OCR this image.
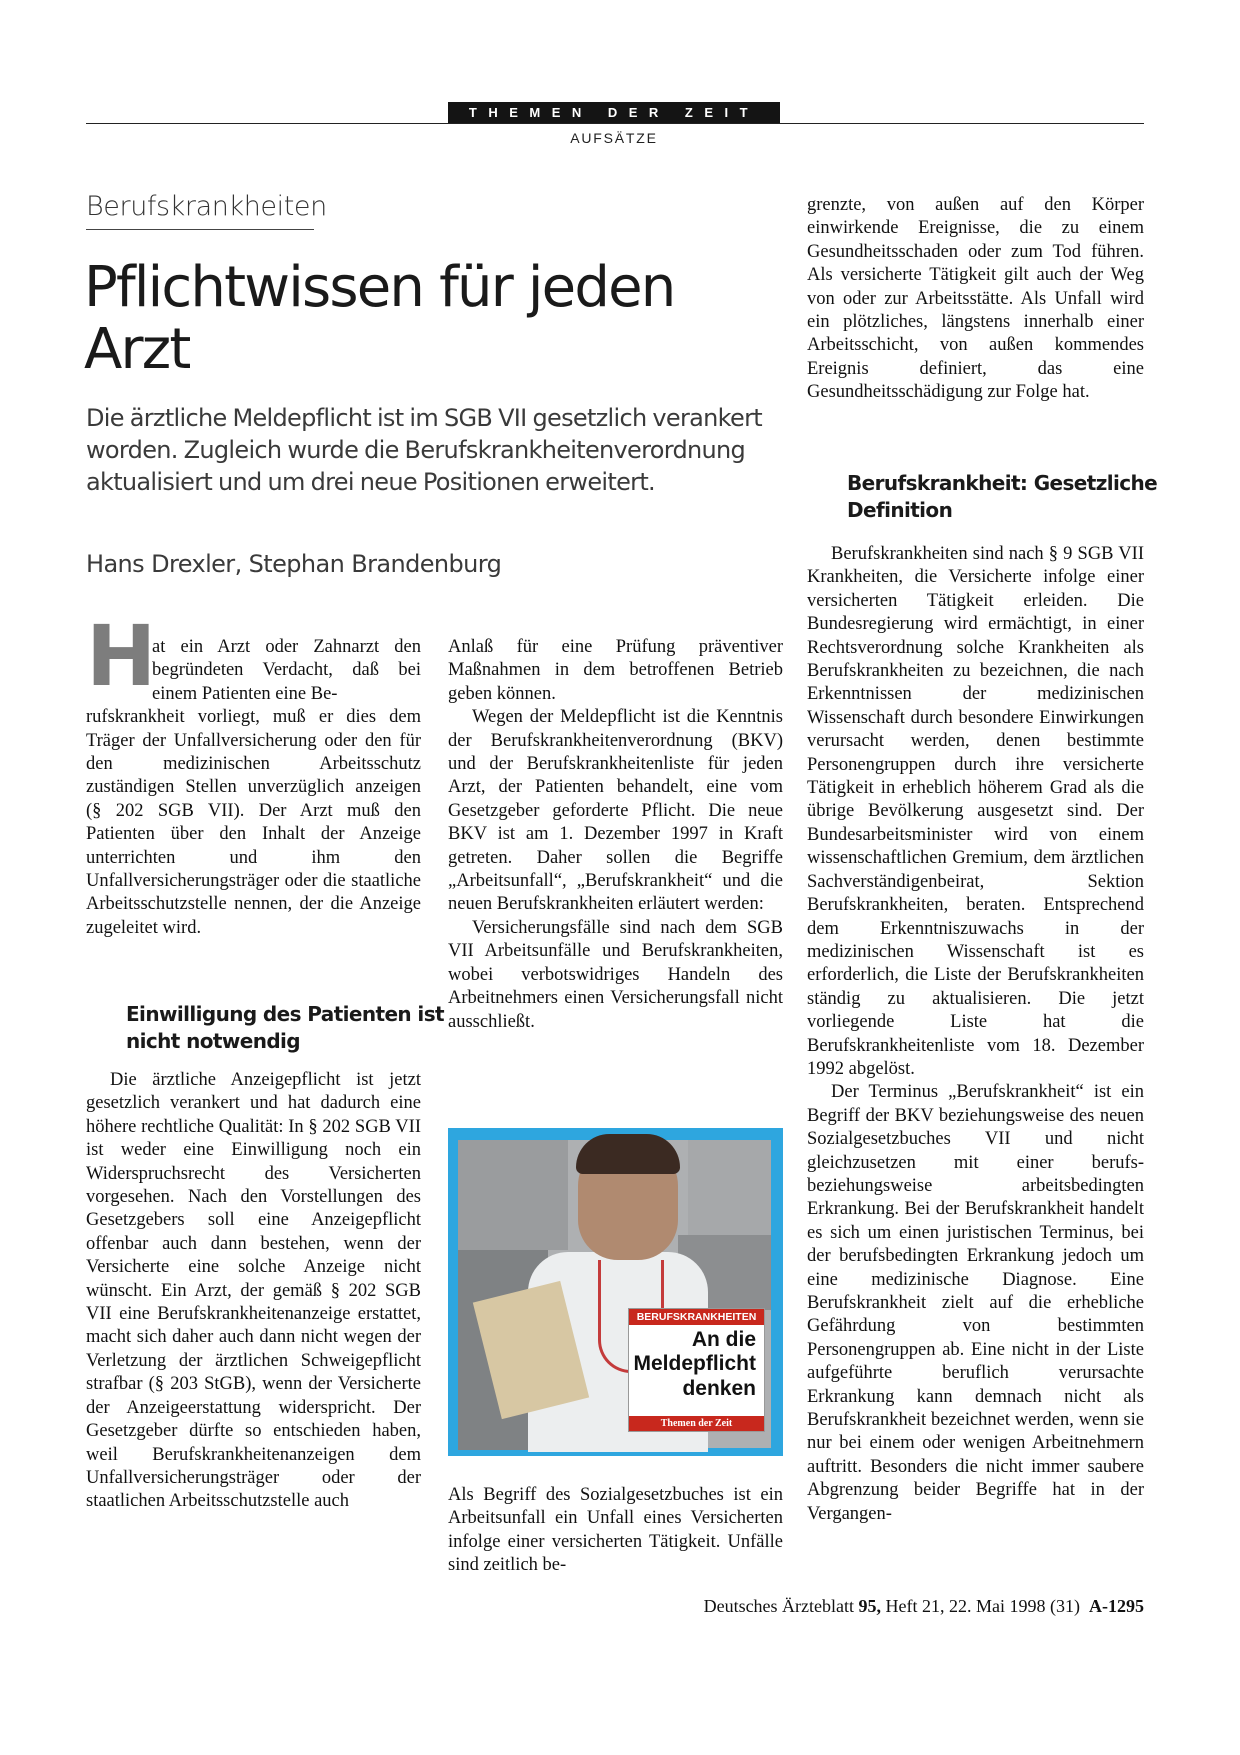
THEMEN DER ZEIT
AUFSÄTZE
Berufskrankheiten
Pflichtwissen für jeden Arzt

Die ärztliche Meldepflicht ist im SGB VII gesetzlich verankert worden. Zugleich wurde die Berufskrankheitenverordnung aktualisiert und um drei neue Positionen erweitert.

Hans Drexler, Stephan Brandenburg
H

at ein Arzt oder Zahnarzt den begründeten Verdacht, daß bei einem Patienten eine Be-

rufskrankheit vorliegt, muß er dies dem Träger der Unfallversicherung oder den für den medizinischen Arbeitsschutz zuständigen Stellen unverzüglich anzeigen (§ 202 SGB VII). Der Arzt muß den Patienten über den Inhalt der Anzeige unterrichten und ihm den Unfallversicherungsträger oder die staatliche Arbeitsschutzstelle nennen, der die Anzeige zugeleitet wird.

Einwilligung des Patienten ist nicht notwendig

Die ärztliche Anzeigepflicht ist jetzt gesetzlich verankert und hat dadurch eine höhere rechtliche Qualität: In § 202 SGB VII ist weder eine Einwilligung noch ein Widerspruchsrecht des Versicherten vorgesehen. Nach den Vorstellungen des Gesetzgebers soll eine Anzeigepflicht offenbar auch dann bestehen, wenn der Versicherte eine solche Anzeige nicht wünscht. Ein Arzt, der gemäß § 202 SGB VII eine Berufskrankheitenanzeige erstattet, macht sich daher auch dann nicht wegen der Verletzung der ärztlichen Schweigepflicht strafbar (§ 203 StGB), wenn der Versicherte der Anzeigeerstattung widerspricht. Der Gesetzgeber dürfte so entschieden haben, weil Berufskrankheitenanzeigen dem Unfallversicherungsträger oder der staatlichen Arbeitsschutzstelle auch

Anlaß für eine Prüfung präventiver Maßnahmen in dem betroffenen Betrieb geben können.

Wegen der Meldepflicht ist die Kenntnis der Berufskrankheitenverordnung (BKV) und der Berufskrankheitenliste für jeden Arzt, der Patienten behandelt, eine vom Gesetzgeber geforderte Pflicht. Die neue BKV ist am 1. Dezember 1997 in Kraft getreten. Daher sollen die Begriffe „Arbeitsunfall“, „Berufskrankheit“ und die neuen Berufskrankheiten erläutert werden:

Versicherungsfälle sind nach dem SGB VII Arbeitsunfälle und Berufskrankheiten, wobei verbotswidriges Handeln des Arbeitnehmers einen Versicherungsfall nicht ausschließt.

BERUFSKRANKHEITEN
An die
Meldepflicht
denken
Themen der Zeit

Als Begriff des Sozialgesetzbuches ist ein Arbeitsunfall ein Unfall eines Versicherten infolge einer versicherten Tätigkeit. Unfälle sind zeitlich be-

grenzte, von außen auf den Körper einwirkende Ereignisse, die zu einem Gesundheitsschaden oder zum Tod führen. Als versicherte Tätigkeit gilt auch der Weg von oder zur Arbeitsstätte. Als Unfall wird ein plötzliches, längstens innerhalb einer Arbeitsschicht, von außen kommendes Ereignis definiert, das eine Gesundheitsschädigung zur Folge hat.

Berufskrankheit: Gesetzliche Definition

Berufskrankheiten sind nach § 9 SGB VII Krankheiten, die Versicherte infolge einer versicherten Tätigkeit erleiden. Die Bundesregierung wird ermächtigt, in einer Rechtsverordnung solche Krankheiten als Berufskrankheiten zu bezeichnen, die nach Erkenntnissen der medizinischen Wissenschaft durch besondere Einwirkungen verursacht werden, denen bestimmte Personengruppen durch ihre versicherte Tätigkeit in erheblich höherem Grad als die übrige Bevölkerung ausgesetzt sind. Der Bundesarbeitsminister wird von einem wissenschaftlichen Gremium, dem ärztlichen Sachverständigenbeirat, Sektion Berufskrankheiten, beraten. Entsprechend dem Erkenntniszuwachs in der medizinischen Wissenschaft ist es erforderlich, die Liste der Berufskrankheiten ständig zu aktualisieren. Die jetzt vorliegende Liste hat die Berufskrankheitenliste vom 18. Dezember 1992 abgelöst.

Der Terminus „Berufskrankheit“ ist ein Begriff der BKV beziehungsweise des neuen Sozialgesetzbuches VII und nicht gleichzusetzen mit einer berufs- beziehungsweise arbeitsbedingten Erkrankung. Bei der Berufskrankheit handelt es sich um einen juristischen Terminus, bei der berufsbedingten Erkrankung jedoch um eine medizinische Diagnose. Eine Berufskrankheit zielt auf die erhebliche Gefährdung von bestimmten Personengruppen ab. Eine nicht in der Liste aufgeführte beruflich verursachte Erkrankung kann demnach nicht als Berufskrankheit bezeichnet werden, wenn sie nur bei einem oder wenigen Arbeitnehmern auftritt. Besonders die nicht immer saubere Abgrenzung beider Begriffe hat in der Vergangen-

Deutsches Ärzteblatt 95, Heft 21, 22. Mai 1998 (31) A-1295
